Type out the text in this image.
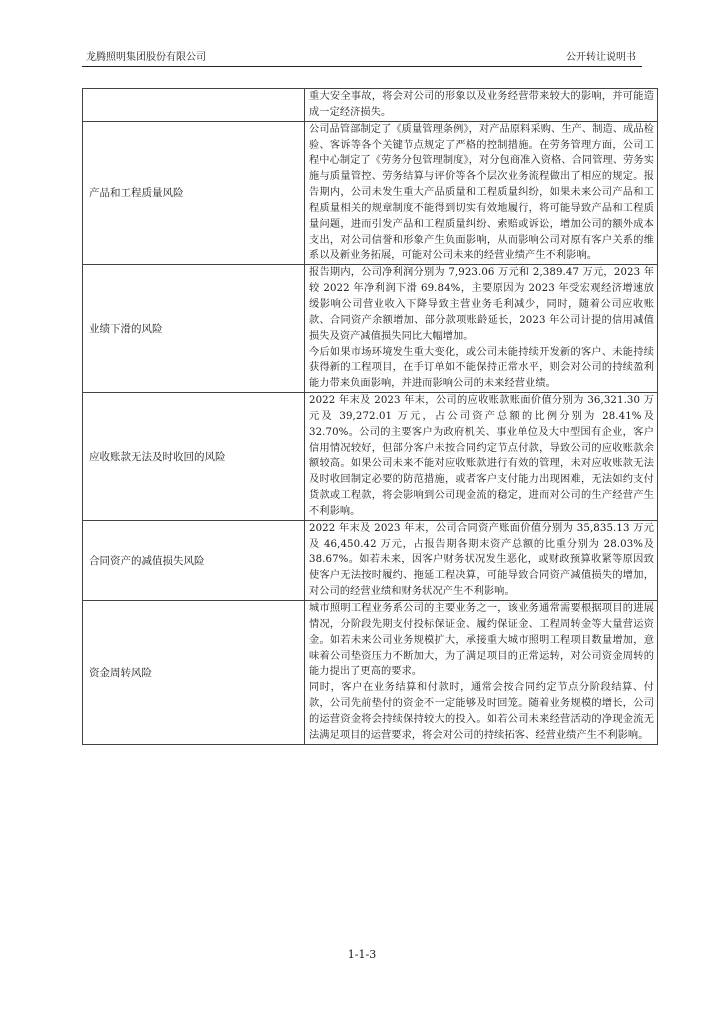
龙腾照明集团股份有限公司	公开转让说明书

	重大安全事故，将会对公司的形象以及业务经营带来较大的影响，并可能造成一定经济损失。

产品和工程质量风险	公司品管部制定了《质量管理条例》，对产品原料采购、生产、制造、成品检验、客诉等各个关键节点规定了严格的控制措施。在劳务管理方面，公司工程中心制定了《劳务分包管理制度》，对分包商准入资格、合同管理、劳务实施与质量管控、劳务结算与评价等各个层次业务流程做出了相应的规定。报告期内，公司未发生重大产品质量和工程质量纠纷，如果未来公司产品和工程质量相关的规章制度不能得到切实有效地履行，将可能导致产品和工程质量问题，进而引发产品和工程质量纠纷、索赔或诉讼，增加公司的额外成本支出，对公司信誉和形象产生负面影响，从而影响公司对原有客户关系的维系以及新业务拓展，可能对公司未来的经营业绩产生不利影响。

业绩下滑的风险	报告期内，公司净利润分别为 7,923.06 万元和 2,389.47 万元，2023 年较 2022 年净利润下滑 69.84%，主要原因为 2023 年受宏观经济增速放缓影响公司营业收入下降导致主营业务毛利减少，同时，随着公司应收账款、合同资产余额增加、部分款项账龄延长，2023 年公司计提的信用减值损失及资产减值损失同比大幅增加。
今后如果市场环境发生重大变化，或公司未能持续开发新的客户、未能持续获得新的工程项目，在手订单如不能保持正常水平，则会对公司的持续盈利能力带来负面影响，并进而影响公司的未来经营业绩。

应收账款无法及时收回的风险	2022 年末及 2023 年末，公司的应收账款账面价值分别为 36,321.30 万元及 39,272.01 万元，占公司资产总额的比例分别为 28.41%及 32.70%。公司的主要客户为政府机关、事业单位及大中型国有企业，客户信用情况较好，但部分客户未按合同约定节点付款，导致公司的应收账款余额较高。如果公司未来不能对应收账款进行有效的管理，未对应收账款无法及时收回制定必要的防范措施，或者客户支付能力出现困难，无法如约支付货款或工程款，将会影响到公司现金流的稳定，进而对公司的生产经营产生不利影响。

合同资产的减值损失风险	2022 年末及 2023 年末，公司合同资产账面价值分别为 35,835.13 万元及 46,450.42 万元，占报告期各期末资产总额的比重分别为 28.03%及 38.67%。如若未来，因客户财务状况发生恶化，或财政预算收紧等原因致使客户无法按时履约、拖延工程决算，可能导致合同资产减值损失的增加，对公司的经营业绩和财务状况产生不利影响。

资金周转风险	城市照明工程业务系公司的主要业务之一，该业务通常需要根据项目的进展情况，分阶段先期支付投标保证金、履约保证金、工程周转金等大量营运资金。如若未来公司业务规模扩大，承接重大城市照明工程项目数量增加，意味着公司垫资压力不断加大，为了满足项目的正常运转，对公司资金周转的能力提出了更高的要求。
同时，客户在业务结算和付款时，通常会按合同约定节点分阶段结算、付款，公司先前垫付的资金不一定能够及时回笼。随着业务规模的增长，公司的运营资金将会持续保持较大的投入。如若公司未来经营活动的净现金流无法满足项目的运营要求，将会对公司的持续拓客、经营业绩产生不利影响。
1-1-3
